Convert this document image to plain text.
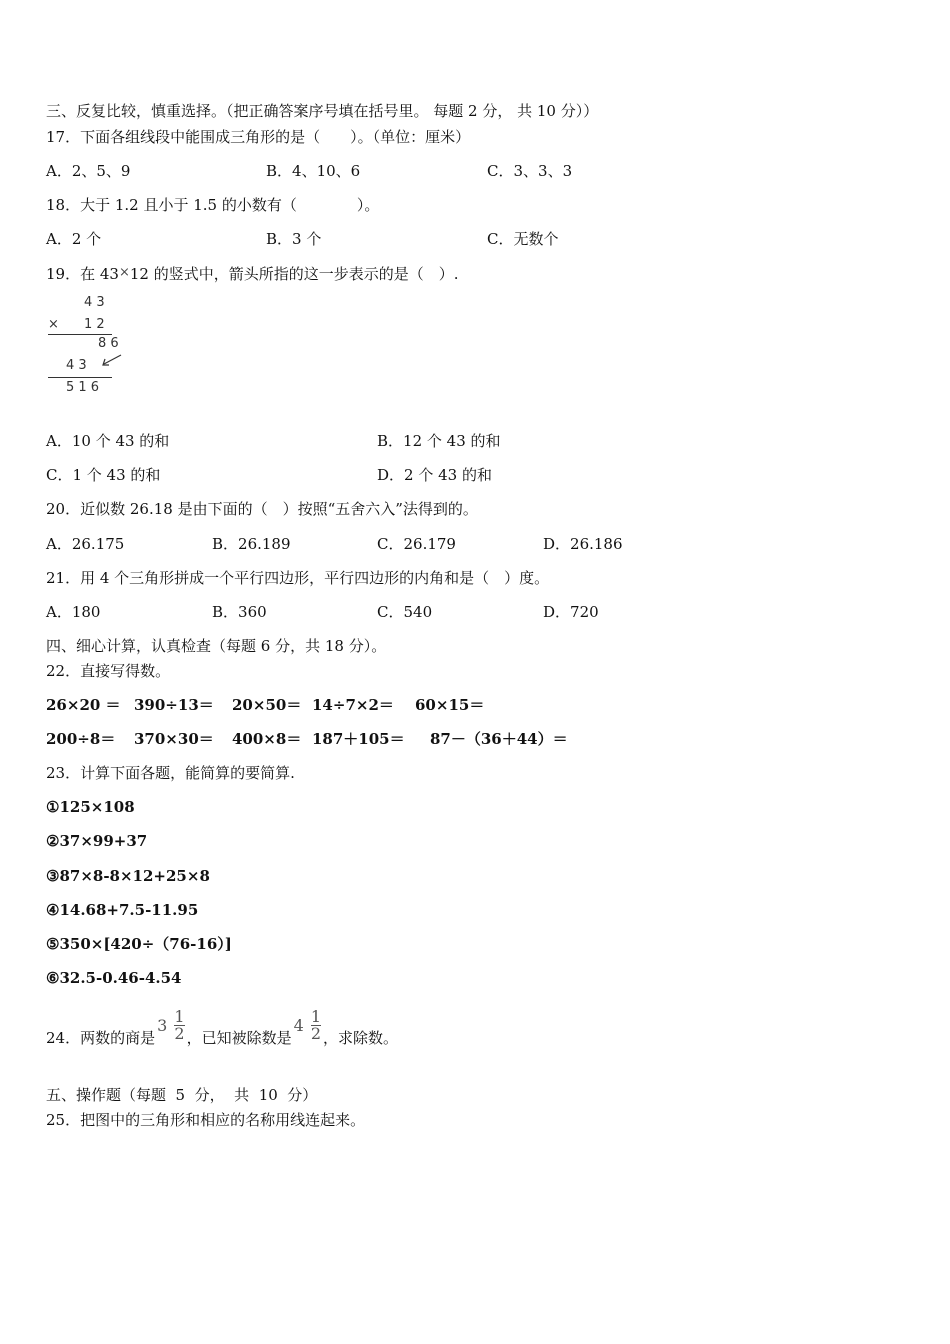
三、反复比较，慎重选择。（把正确答案序号填在括号里。 每题 2 分， 共 10 分））
17．下面各组线段中能围成三角形的是（　　）。（单位：厘米）
A．2、5、9	B．4、10、6	C．3、3、3
18．大于 1.2 且小于 1.5 的小数有（　　　　）。
A．2 个	B．3 个	C．无数个
19．在 43×12 的竖式中，箭头所指的这一步表示的是（　）.
4 3
× 1 2
8 6
4 3
5 1 6
A．10 个 43 的和	B．12 个 43 的和
C．1 个 43 的和	D．2 个 43 的和
20．近似数 26.18 是由下面的（　）按照“五舍六入”法得到的。
A．26.175	B．26.189	C．26.179	D．26.186
21．用 4 个三角形拼成一个平行四边形，平行四边形的内角和是（　）度。
A．180	B．360	C．540	D．720
四、细心计算，认真检查（每题 6 分，共 18 分）。
22．直接写得数。
26×20 ＝ 390÷13＝ 20×50＝ 14÷7×2＝ 60×15＝
200÷8＝ 370×30＝ 400×8＝ 187＋105＝ 87－（36＋44）＝
23．计算下面各题，能简算的要简算.
①125×108
②37×99+37
③87×8-8×12+25×8
④14.68+7.5-11.95
⑤350×[420÷（76-16）]
⑥32.5-0.46-4.54
24．两数的商是
$3 \frac{1}{2}$ ，已知被除数是
$4 \frac{1}{2}$ ，求除数。
五、操作题（每题  5  分，  共  10  分）
25．把图中的三角形和相应的名称用线连起来。
